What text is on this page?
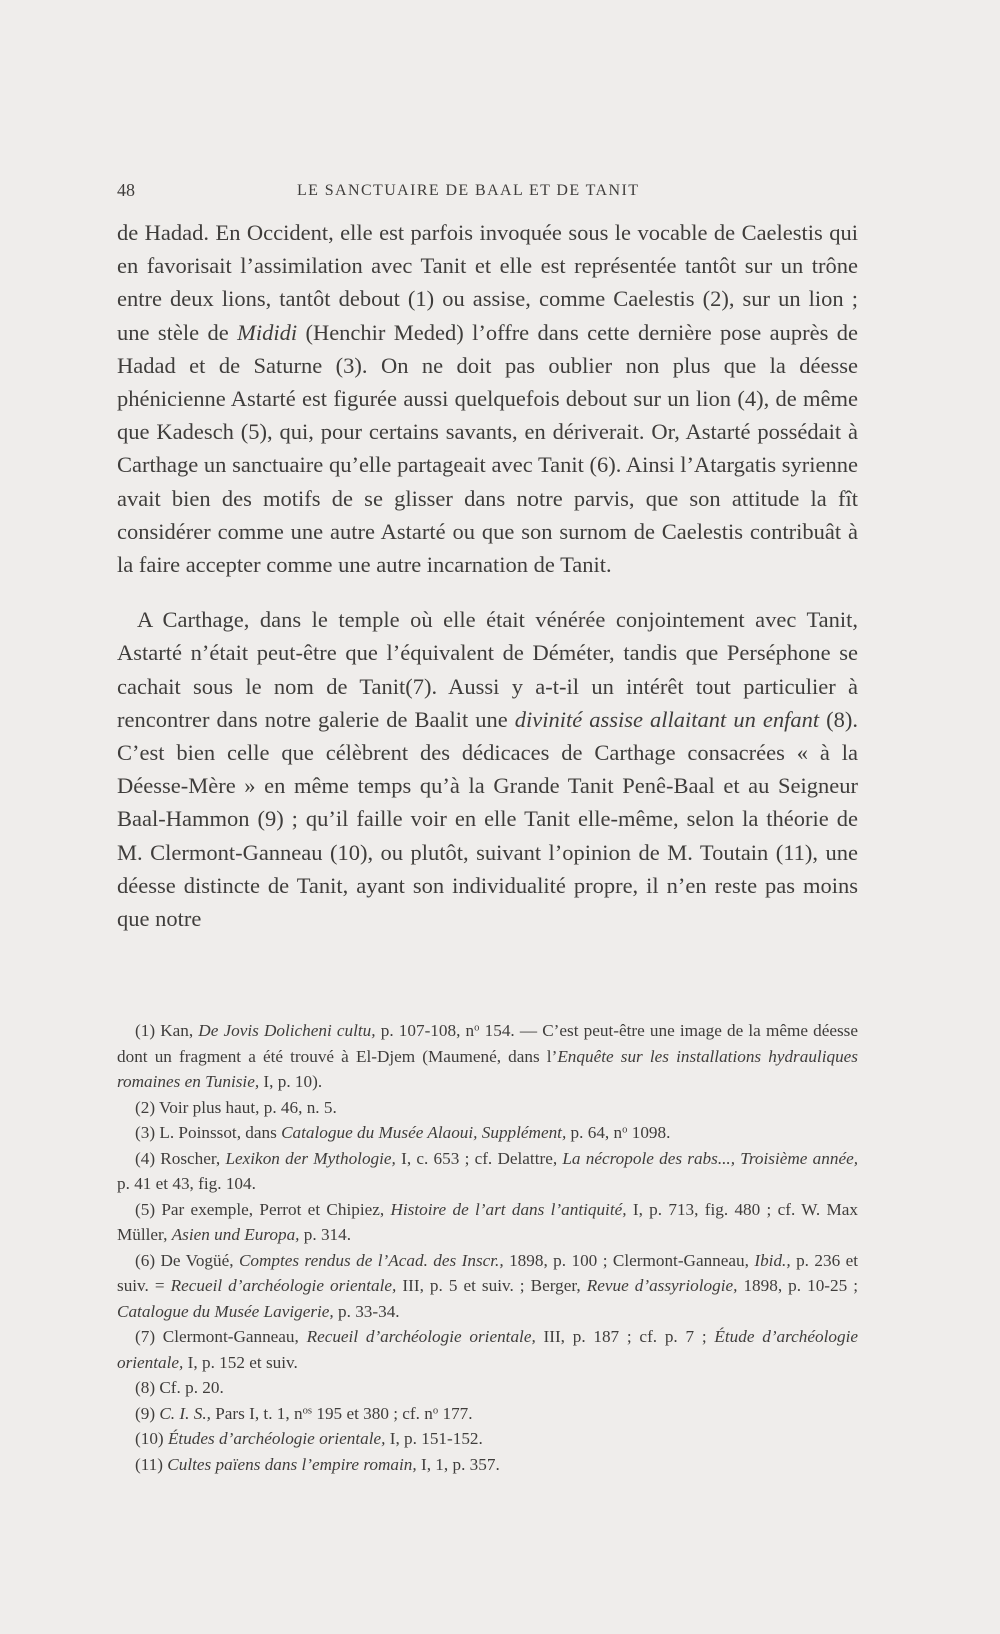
48	LE SANCTUAIRE DE BAAL ET DE TANIT

de Hadad. En Occident, elle est parfois invoquée sous le vocable de Caelestis qui en favorisait l’assimilation avec Tanit et elle est représentée tantôt sur un trône entre deux lions, tantôt debout (1) ou assise, comme Caelestis (2), sur un lion ; une stèle de Mididi (Henchir Meded) l’offre dans cette dernière pose auprès de Hadad et de Saturne (3). On ne doit pas oublier non plus que la déesse phénicienne Astarté est figurée aussi quelquefois debout sur un lion (4), de même que Kadesch (5), qui, pour certains savants, en dériverait. Or, Astarté possédait à Carthage un sanctuaire qu’elle partageait avec Tanit (6). Ainsi l’Atargatis syrienne avait bien des motifs de se glisser dans notre parvis, que son attitude la fît considérer comme une autre Astarté ou que son surnom de Caelestis contribuât à la faire accepter comme une autre incarnation de Tanit.

A Carthage, dans le temple où elle était vénérée conjointement avec Tanit, Astarté n’était peut-être que l’équivalent de Déméter, tandis que Perséphone se cachait sous le nom de Tanit(7). Aussi y a-t-il un intérêt tout particulier à rencontrer dans notre galerie de Baalit une divinité assise allaitant un enfant (8). C’est bien celle que célèbrent des dédicaces de Carthage consacrées « à la Déesse-Mère » en même temps qu’à la Grande Tanit Penê-Baal et au Seigneur Baal-Hammon (9) ; qu’il faille voir en elle Tanit elle-même, selon la théorie de M. Clermont-Ganneau (10), ou plutôt, suivant l’opinion de M. Toutain (11), une déesse distincte de Tanit, ayant son individualité propre, il n’en reste pas moins que notre

(1) Kan, De Jovis Dolicheni cultu, p. 107-108, $n^o$ 154. — C’est peut-être une image de la même déesse dont un fragment a été trouvé à El-Djem (Maumené, dans l’Enquête sur les installations hydrauliques romaines en Tunisie, I, p. 10).

(2) Voir plus haut, p. 46, n. 5.

(3) L. Poinssot, dans Catalogue du Musée Alaoui, Supplément, p. 64, $n^o$ 1098.

(4) Roscher, Lexikon der Mythologie, I, c. 653 ; cf. Delattre, La nécropole des rabs..., Troisième année, p. 41 et 43, fig. 104.

(5) Par exemple, Perrot et Chipiez, Histoire de l’art dans l’antiquité, I, p. 713, fig. 480 ; cf. W. Max Müller, Asien und Europa, p. 314.

(6) De Vogüé, Comptes rendus de l’Acad. des Inscr., 1898, p. 100 ; Clermont-Ganneau, Ibid., p. 236 et suiv. = Recueil d’archéologie orientale, III, p. 5 et suiv. ; Berger, Revue d’assyriologie, 1898, p. 10-25 ; Catalogue du Musée Lavigerie, p. 33-34.

(7) Clermont-Ganneau, Recueil d’archéologie orientale, III, p. 187 ; cf. p. 7 ; Étude d’archéologie orientale, I, p. 152 et suiv.

(8) Cf. p. 20.

(9) C. I. S., Pars I, t. 1, $n^{os}$ 195 et 380 ; cf. $n^o$ 177.

(10) Études d’archéologie orientale, I, p. 151-152.

(11) Cultes païens dans l’empire romain, I, 1, p. 357.
